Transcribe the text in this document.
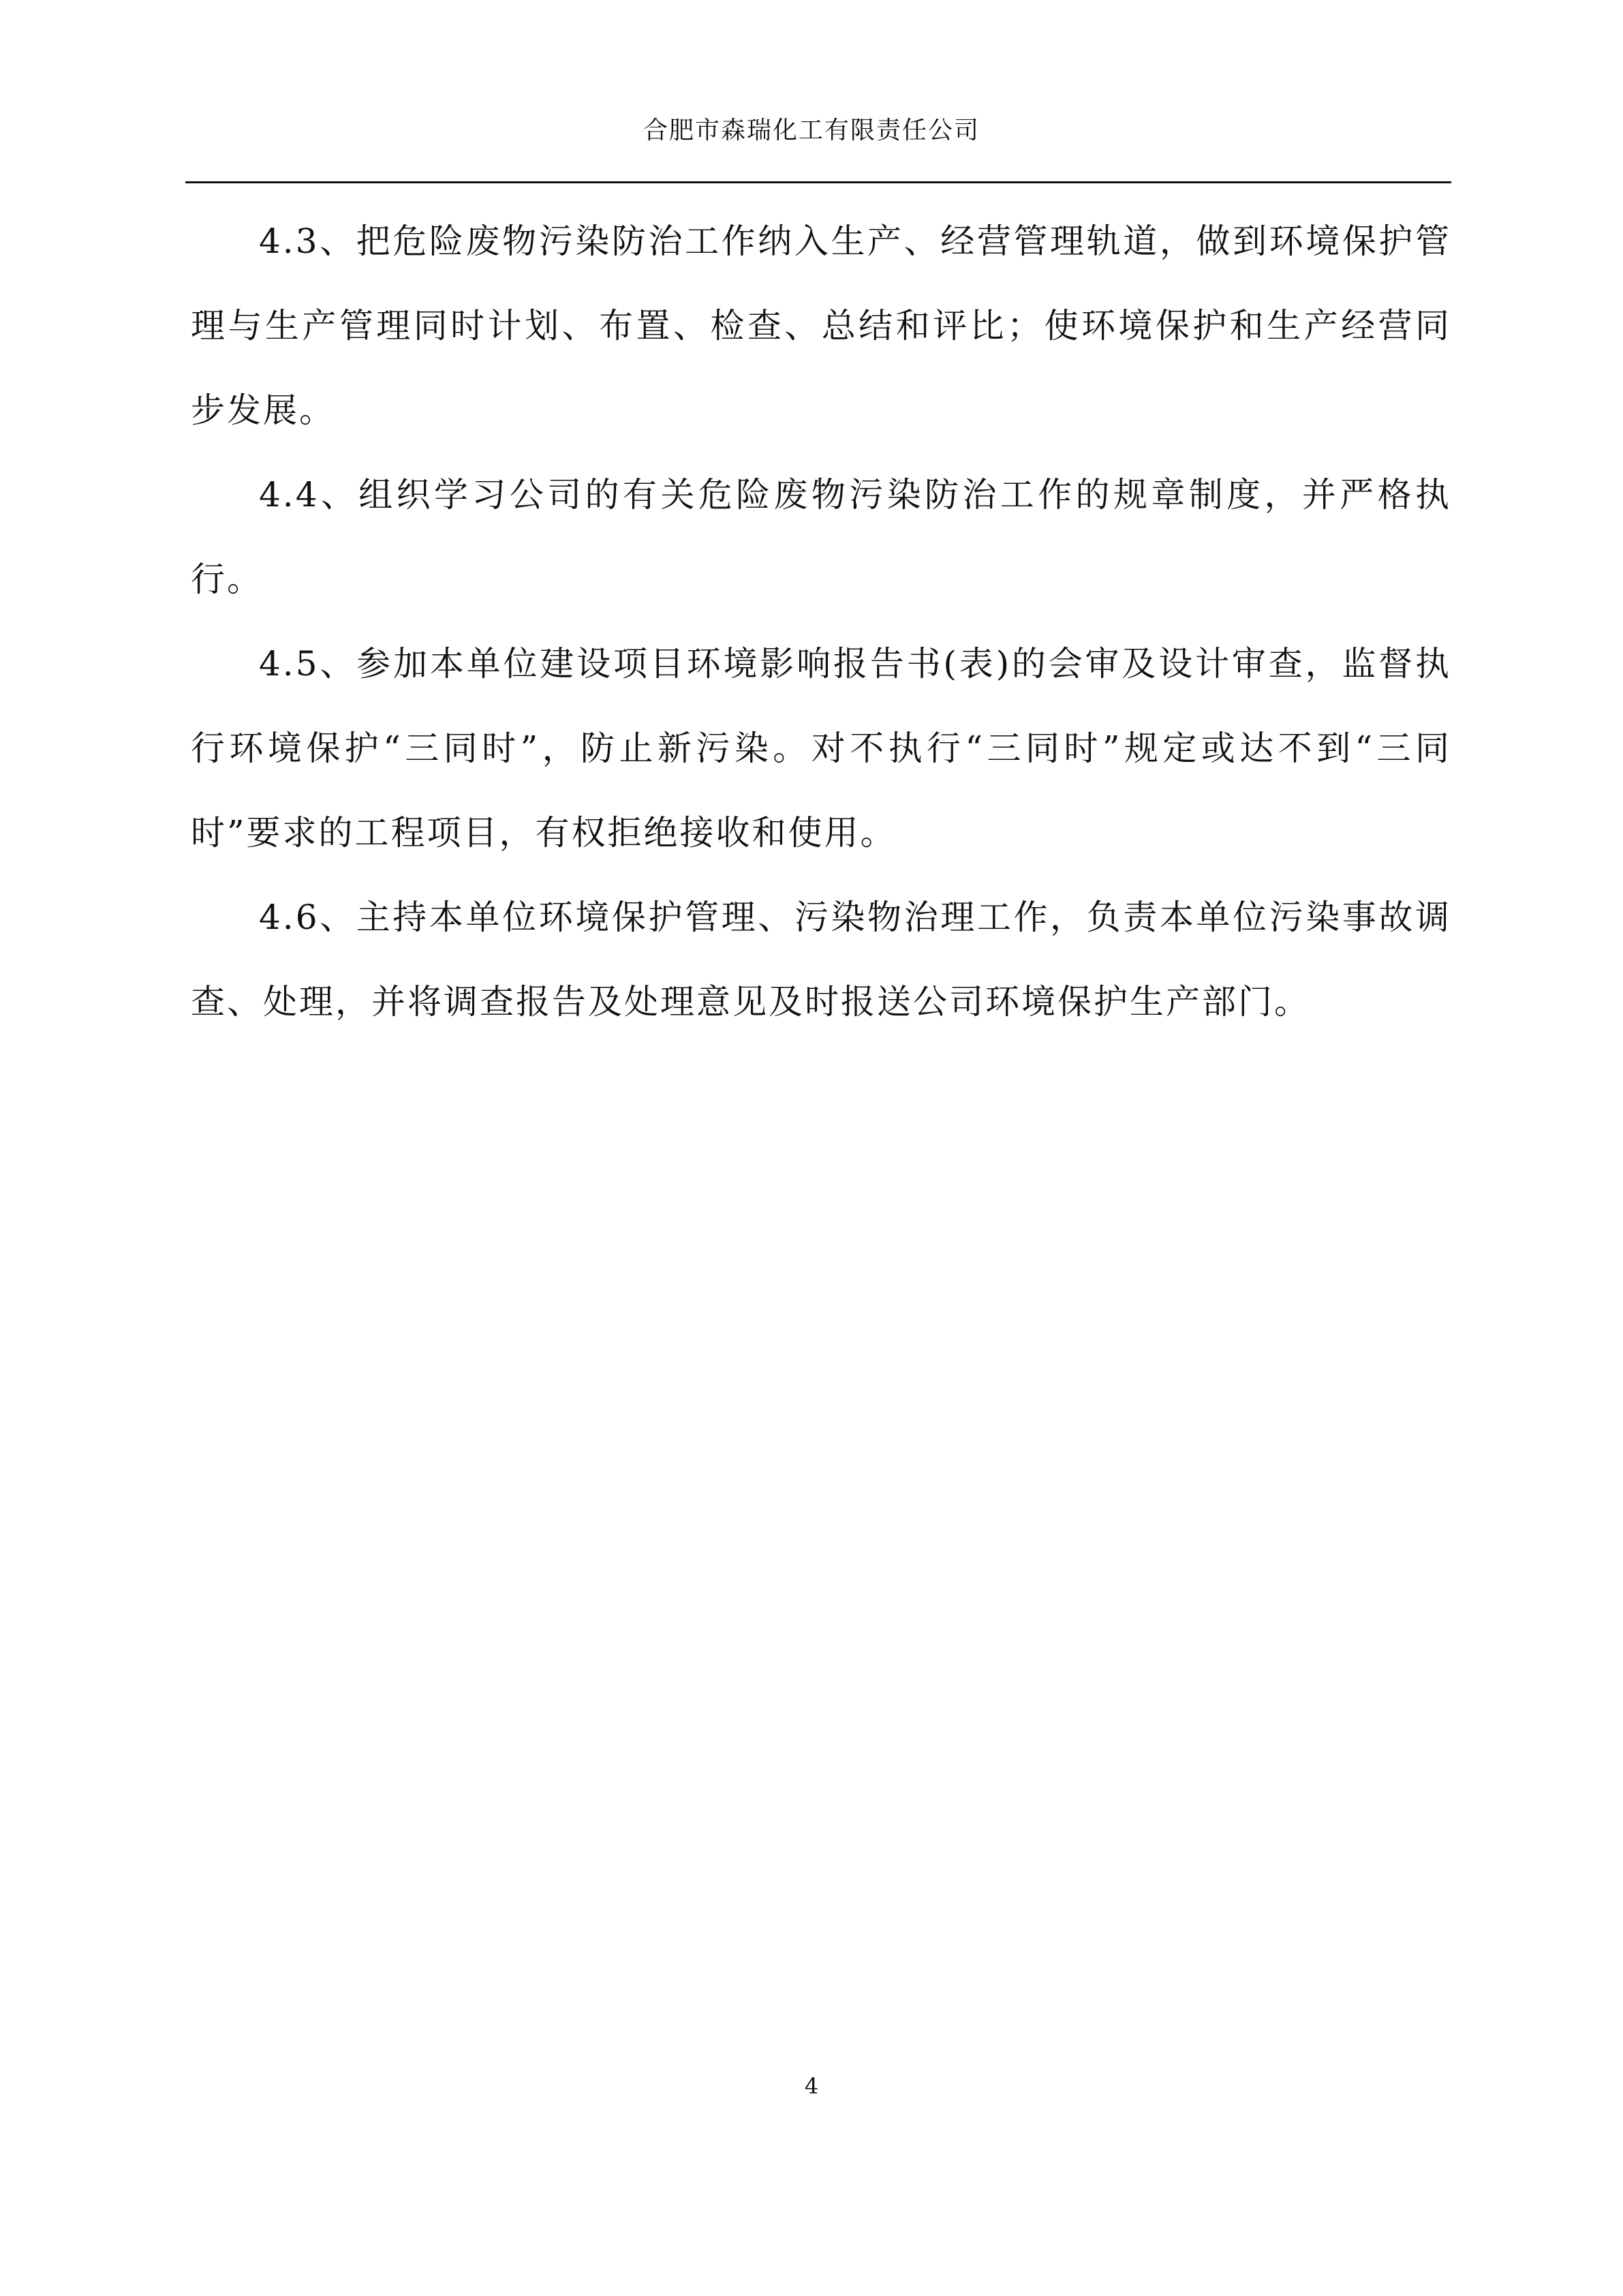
合肥市森瑞化工有限责任公司

4.3、把危险废物污染防治工作纳入生产、经营管理轨道，做到环境保护管理与生产管理同时计划、布置、检查、总结和评比；使环境保护和生产经营同步发展。

4.4、组织学习公司的有关危险废物污染防治工作的规章制度，并严格执行。

4.5、参加本单位建设项目环境影响报告书(表)的会审及设计审查，监督执行环境保护“三同时”，防止新污染。对不执行“三同时”规定或达不到“三同时”要求的工程项目，有权拒绝接收和使用。

4.6、主持本单位环境保护管理、污染物治理工作，负责本单位污染事故调查、处理，并将调查报告及处理意见及时报送公司环境保护生产部门。

4
